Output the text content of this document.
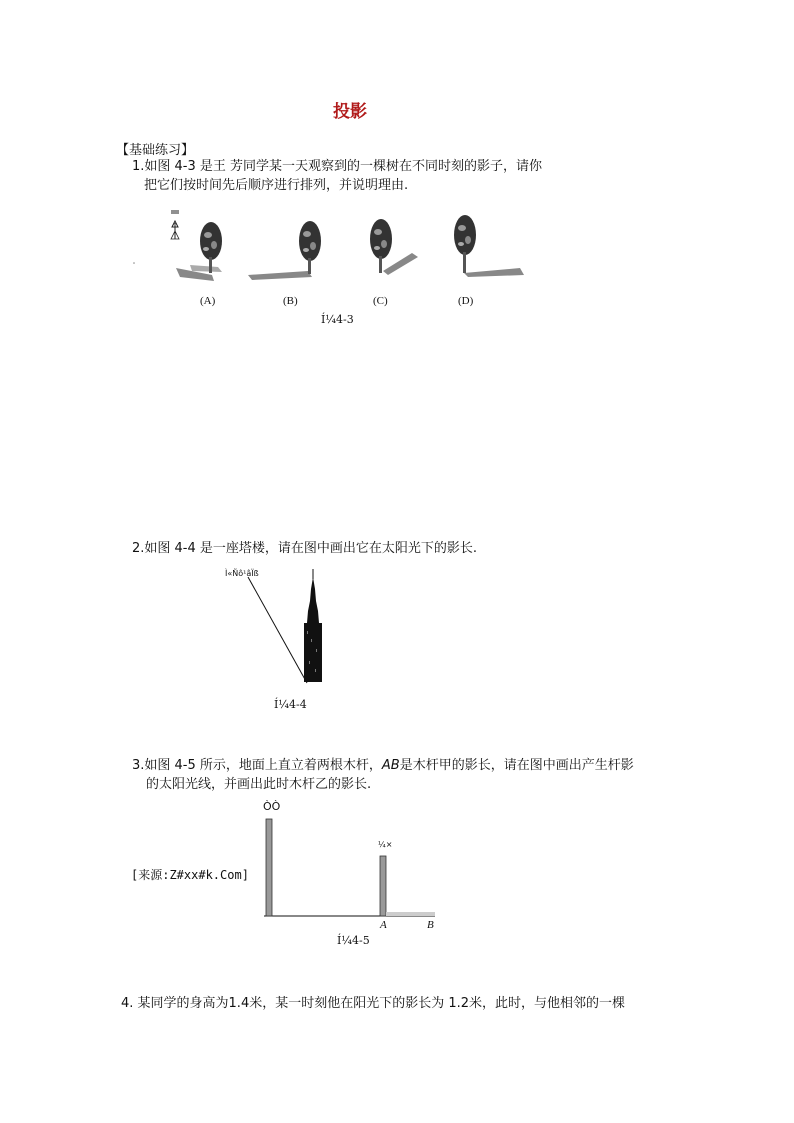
投影
【基础练习】
1.如图 4-3 是王 芳同学某一天观察到的一棵树在不同时刻的影子，请你
把它们按时间先后顺序进行排列，并说明理由.
(A)	(B)	(C)	(D)
Í¼4-3
2.如图 4-4 是一座塔楼，请在图中画出它在太阳光下的影长.
Ì«Ñô¹âÏß
Í¼4-4
3.如图 4-5 所示，地面上直立着两根木杆，AB是木杆甲的影长，请在图中画出产生杆影
的太阳光线，并画出此时木杆乙的影长.
[来源:Z#xx#k.Com]
ÒÒ
¼×
A	B
Í¼4-5
4. 某同学的身高为1.4米，某一时刻他在阳光下的影长为 1.2米，此时，与他相邻的一棵
